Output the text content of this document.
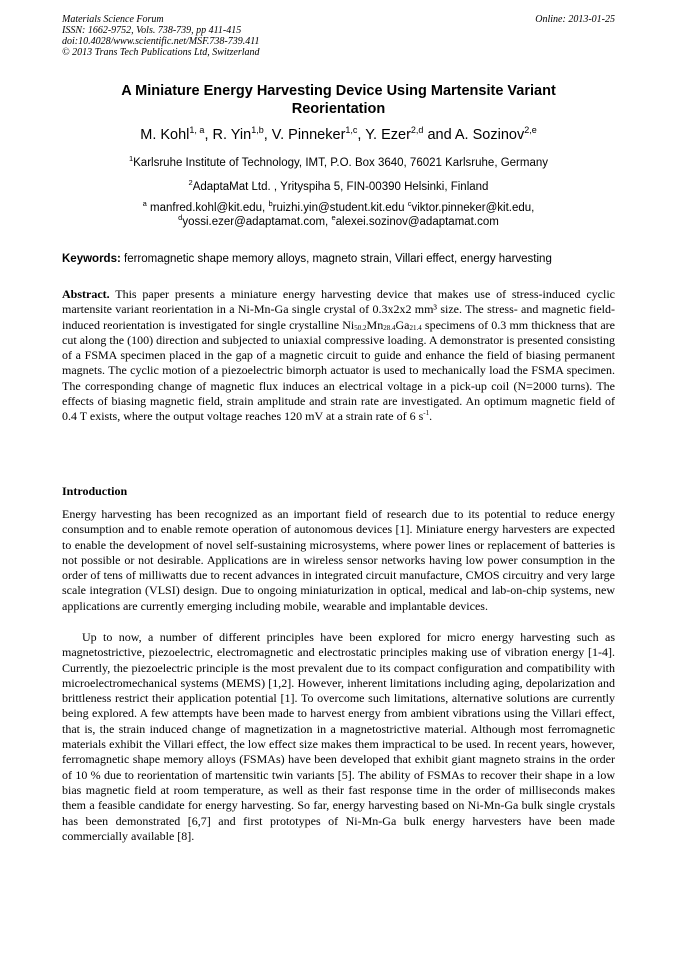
Materials Science Forum
ISSN: 1662-9752, Vols. 738-739, pp 411-415
doi:10.4028/www.scientific.net/MSF.738-739.411
© 2013 Trans Tech Publications Ltd, Switzerland
Online: 2013-01-25
A Miniature Energy Harvesting Device Using Martensite Variant
Reorientation
M. Kohl$^{1, a}$, R. Yin$^{1,b}$, V. Pinneker$^{1,c}$, Y. Ezer$^{2,d}$ and A. Sozinov$^{2,e}$
$^1$Karlsruhe Institute of Technology, IMT, P.O. Box 3640, 76021 Karlsruhe, Germany
$^2$AdaptaMat Ltd. , Yrityspiha 5, FIN-00390 Helsinki, Finland
$^a$ manfred.kohl@kit.edu, $^b$ruizhi.yin@student.kit.edu $^c$viktor.pinneker@kit.edu,
$^d$yossi.ezer@adaptamat.com, $^e$alexei.sozinov@adaptamat.com
Keywords: ferromagnetic shape memory alloys, magneto strain, Villari effect, energy harvesting
Abstract. This paper presents a miniature energy harvesting device that makes use of stress-induced cyclic martensite variant reorientation in a Ni-Mn-Ga single crystal of 0.3x2x2 mm³ size. The stress- and magnetic field-induced reorientation is investigated for single crystalline $Ni_{50.2}Mn_{28.4}Ga_{21.4}$ specimens of 0.3 mm thickness that are cut along the (100) direction and subjected to uniaxial compressive loading. A demonstrator is presented consisting of a FSMA specimen placed in the gap of a magnetic circuit to guide and enhance the field of biasing permanent magnets. The cyclic motion of a piezoelectric bimorph actuator is used to mechanically load the FSMA specimen. The corresponding change of magnetic flux induces an electrical voltage in a pick-up coil (N=2000 turns). The effects of biasing magnetic field, strain amplitude and strain rate are investigated. An optimum magnetic field of 0.4 T exists, where the output voltage reaches 120 mV at a strain rate of 6 $s^{-1}$.
Introduction
Energy harvesting has been recognized as an important field of research due to its potential to reduce energy consumption and to enable remote operation of autonomous devices [1]. Miniature energy harvesters are expected to enable the development of novel self-sustaining microsystems, where power lines or replacement of batteries is not possible or not desirable. Applications are in wireless sensor networks having low power consumption in the order of tens of milliwatts due to recent advances in integrated circuit manufacture, CMOS circuitry and very large scale integration (VLSI) design. Due to ongoing miniaturization in optical, medical and lab-on-chip systems, new applications are currently emerging including mobile, wearable and implantable devices.
Up to now, a number of different principles have been explored for micro energy harvesting such as magnetostrictive, piezoelectric, electromagnetic and electrostatic principles making use of vibration energy [1-4]. Currently, the piezoelectric principle is the most prevalent due to its compact configuration and compatibility with microelectromechanical systems (MEMS) [1,2]. However, inherent limitations including aging, depolarization and brittleness restrict their application potential [1]. To overcome such limitations, alternative solutions are currently being explored. A few attempts have been made to harvest energy from ambient vibrations using the Villari effect, that is, the strain induced change of magnetization in a magnetostrictive material. Although most ferromagnetic materials exhibit the Villari effect, the low effect size makes them impractical to be used. In recent years, however, ferromagnetic shape memory alloys (FSMAs) have been developed that exhibit giant magneto strains in the order of 10 % due to reorientation of martensitic twin variants [5]. The ability of FSMAs to recover their shape in a low bias magnetic field at room temperature, as well as their fast response time in the order of milliseconds makes them a feasible candidate for energy harvesting. So far, energy harvesting based on Ni-Mn-Ga bulk single crystals has been demonstrated [6,7] and first prototypes of Ni-Mn-Ga bulk energy harvesters have been made commercially available [8].
